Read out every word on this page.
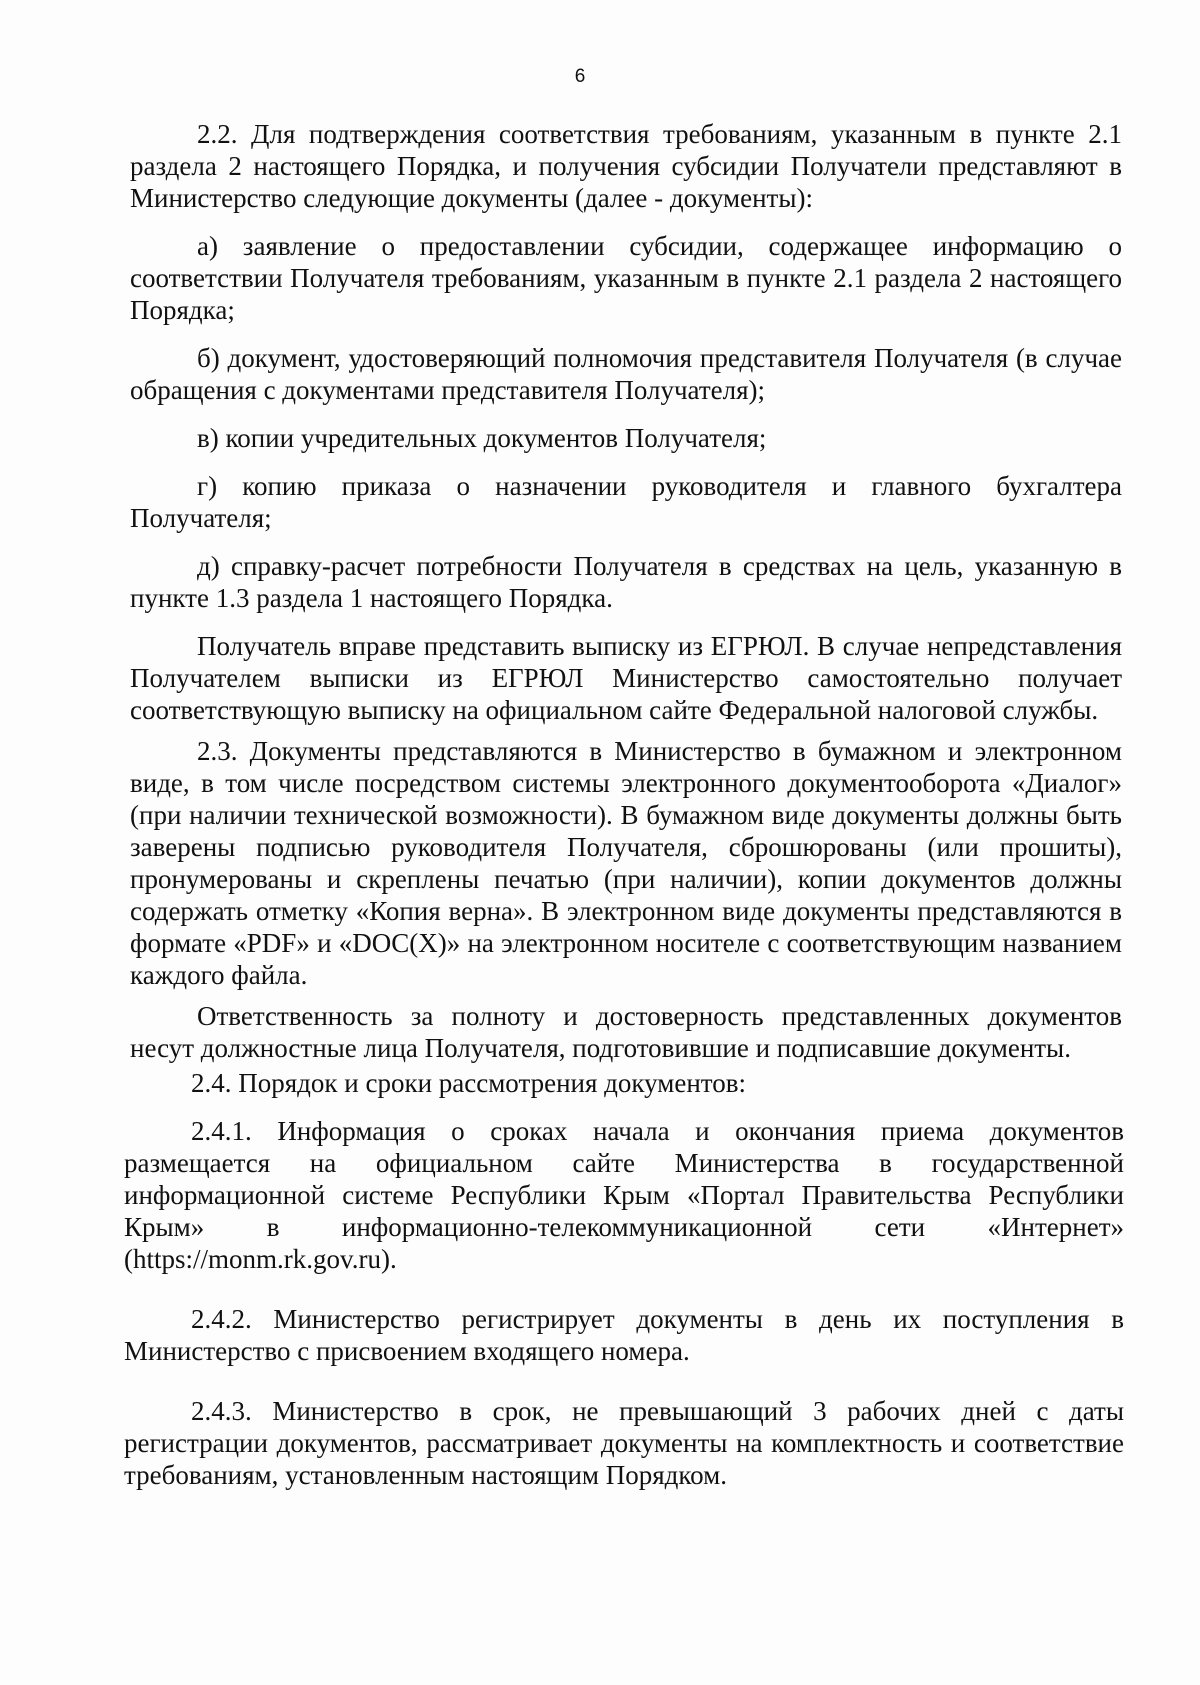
6

2.2. Для подтверждения соответствия требованиям, указанным в пункте 2.1 раздела 2 настоящего Порядка, и получения субсидии Получатели представляют в Министерство следующие документы (далее - документы):

а) заявление о предоставлении субсидии, содержащее информацию о соответствии Получателя требованиям, указанным в пункте 2.1 раздела 2 настоящего Порядка;

б) документ, удостоверяющий полномочия представителя Получателя (в случае обращения с документами представителя Получателя);

в) копии учредительных документов Получателя;

г) копию приказа о назначении руководителя и главного бухгалтера Получателя;

д) справку-расчет потребности Получателя в средствах на цель, указанную в пункте 1.3 раздела 1 настоящего Порядка.

Получатель вправе представить выписку из ЕГРЮЛ. В случае непредставления Получателем выписки из ЕГРЮЛ Министерство самостоятельно получает соответствующую выписку на официальном сайте Федеральной налоговой службы.

2.3. Документы представляются в Министерство в бумажном и электронном виде, в том числе посредством системы электронного документооборота «Диалог» (при наличии технической возможности). В бумажном виде документы должны быть заверены подписью руководителя Получателя, сброшюрованы (или прошиты), пронумерованы и скреплены печатью (при наличии), копии документов должны содержать отметку «Копия верна». В электронном виде документы представляются в формате «PDF» и «DOC(X)» на электронном носителе с соответствующим названием каждого файла.

Ответственность за полноту и достоверность представленных документов несут должностные лица Получателя, подготовившие и подписавшие документы.

2.4. Порядок и сроки рассмотрения документов:

2.4.1. Информация о сроках начала и окончания приема документов размещается на официальном сайте Министерства в государственной информационной системе Республики Крым «Портал Правительства Республики Крым» в информационно-телекоммуникационной сети «Интернет» (https://monm.rk.gov.ru).

2.4.2. Министерство регистрирует документы в день их поступления в Министерство с присвоением входящего номера.

2.4.3. Министерство в срок, не превышающий 3 рабочих дней с даты регистрации документов, рассматривает документы на комплектность и соответствие требованиям, установленным настоящим Порядком.
